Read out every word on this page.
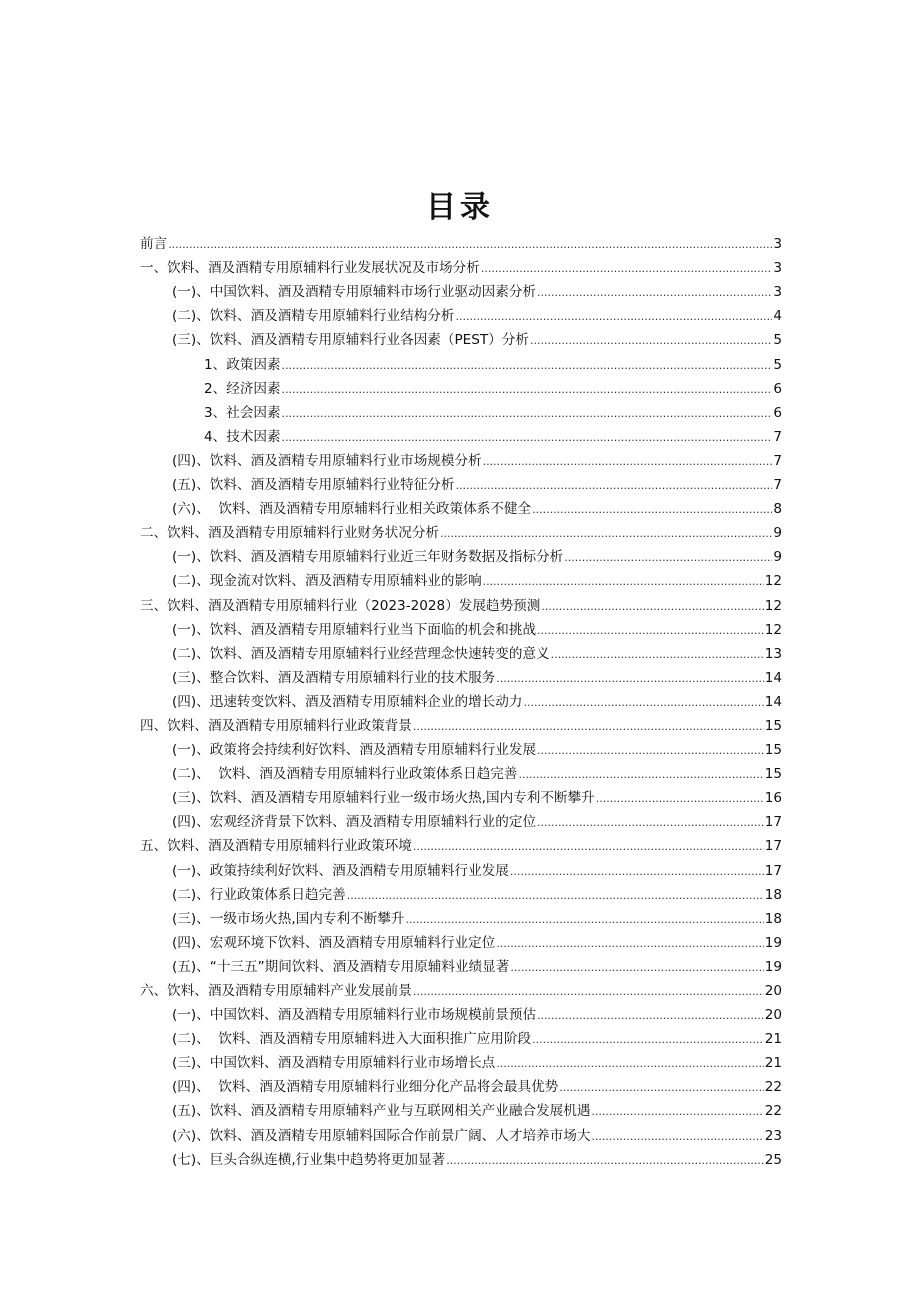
目录
前言 .....	3
一、饮料、酒及酒精专用原辅料行业发展状况及市场分析 .....	3
(一)、中国饮料、酒及酒精专用原辅料市场行业驱动因素分析 .....	3
(二)、饮料、酒及酒精专用原辅料行业结构分析 .....	4
(三)、饮料、酒及酒精专用原辅料行业各因素（PEST）分析 .....	5
1、政策因素 .....	5
2、经济因素 .....	6
3、社会因素 .....	6
4、技术因素 .....	7
(四)、饮料、酒及酒精专用原辅料行业市场规模分析 .....	7
(五)、饮料、酒及酒精专用原辅料行业特征分析 .....	7
(六)、  饮料、酒及酒精专用原辅料行业相关政策体系不健全 .....	8
二、饮料、酒及酒精专用原辅料行业财务状况分析 .....	9
(一)、饮料、酒及酒精专用原辅料行业近三年财务数据及指标分析 .....	9
(二)、现金流对饮料、酒及酒精专用原辅料业的影响 .....	12
三、饮料、酒及酒精专用原辅料行业（2023-2028）发展趋势预测 .....	12
(一)、饮料、酒及酒精专用原辅料行业当下面临的机会和挑战 .....	12
(二)、饮料、酒及酒精专用原辅料行业经营理念快速转变的意义 .....	13
(三)、整合饮料、酒及酒精专用原辅料行业的技术服务 .....	14
(四)、迅速转变饮料、酒及酒精专用原辅料企业的增长动力 .....	14
四、饮料、酒及酒精专用原辅料行业政策背景 .....	15
(一)、政策将会持续利好饮料、酒及酒精专用原辅料行业发展 .....	15
(二)、  饮料、酒及酒精专用原辅料行业政策体系日趋完善 .....	15
(三)、饮料、酒及酒精专用原辅料行业一级市场火热,国内专利不断攀升 .....	16
(四)、宏观经济背景下饮料、酒及酒精专用原辅料行业的定位 .....	17
五、饮料、酒及酒精专用原辅料行业政策环境 .....	17
(一)、政策持续利好饮料、酒及酒精专用原辅料行业发展 .....	17
(二)、行业政策体系日趋完善 .....	18
(三)、一级市场火热,国内专利不断攀升 .....	18
(四)、宏观环境下饮料、酒及酒精专用原辅料行业定位 .....	19
(五)、“十三五”期间饮料、酒及酒精专用原辅料业绩显著 .....	19
六、饮料、酒及酒精专用原辅料产业发展前景 .....	20
(一)、中国饮料、酒及酒精专用原辅料行业市场规模前景预估 .....	20
(二)、  饮料、酒及酒精专用原辅料进入大面积推广应用阶段 .....	21
(三)、中国饮料、酒及酒精专用原辅料行业市场增长点 .....	21
(四)、  饮料、酒及酒精专用原辅料行业细分化产品将会最具优势 .....	22
(五)、饮料、酒及酒精专用原辅料产业与互联网相关产业融合发展机遇 .....	22
(六)、饮料、酒及酒精专用原辅料国际合作前景广阔、人才培养市场大 .....	23
(七)、巨头合纵连横,行业集中趋势将更加显著 .....	25
